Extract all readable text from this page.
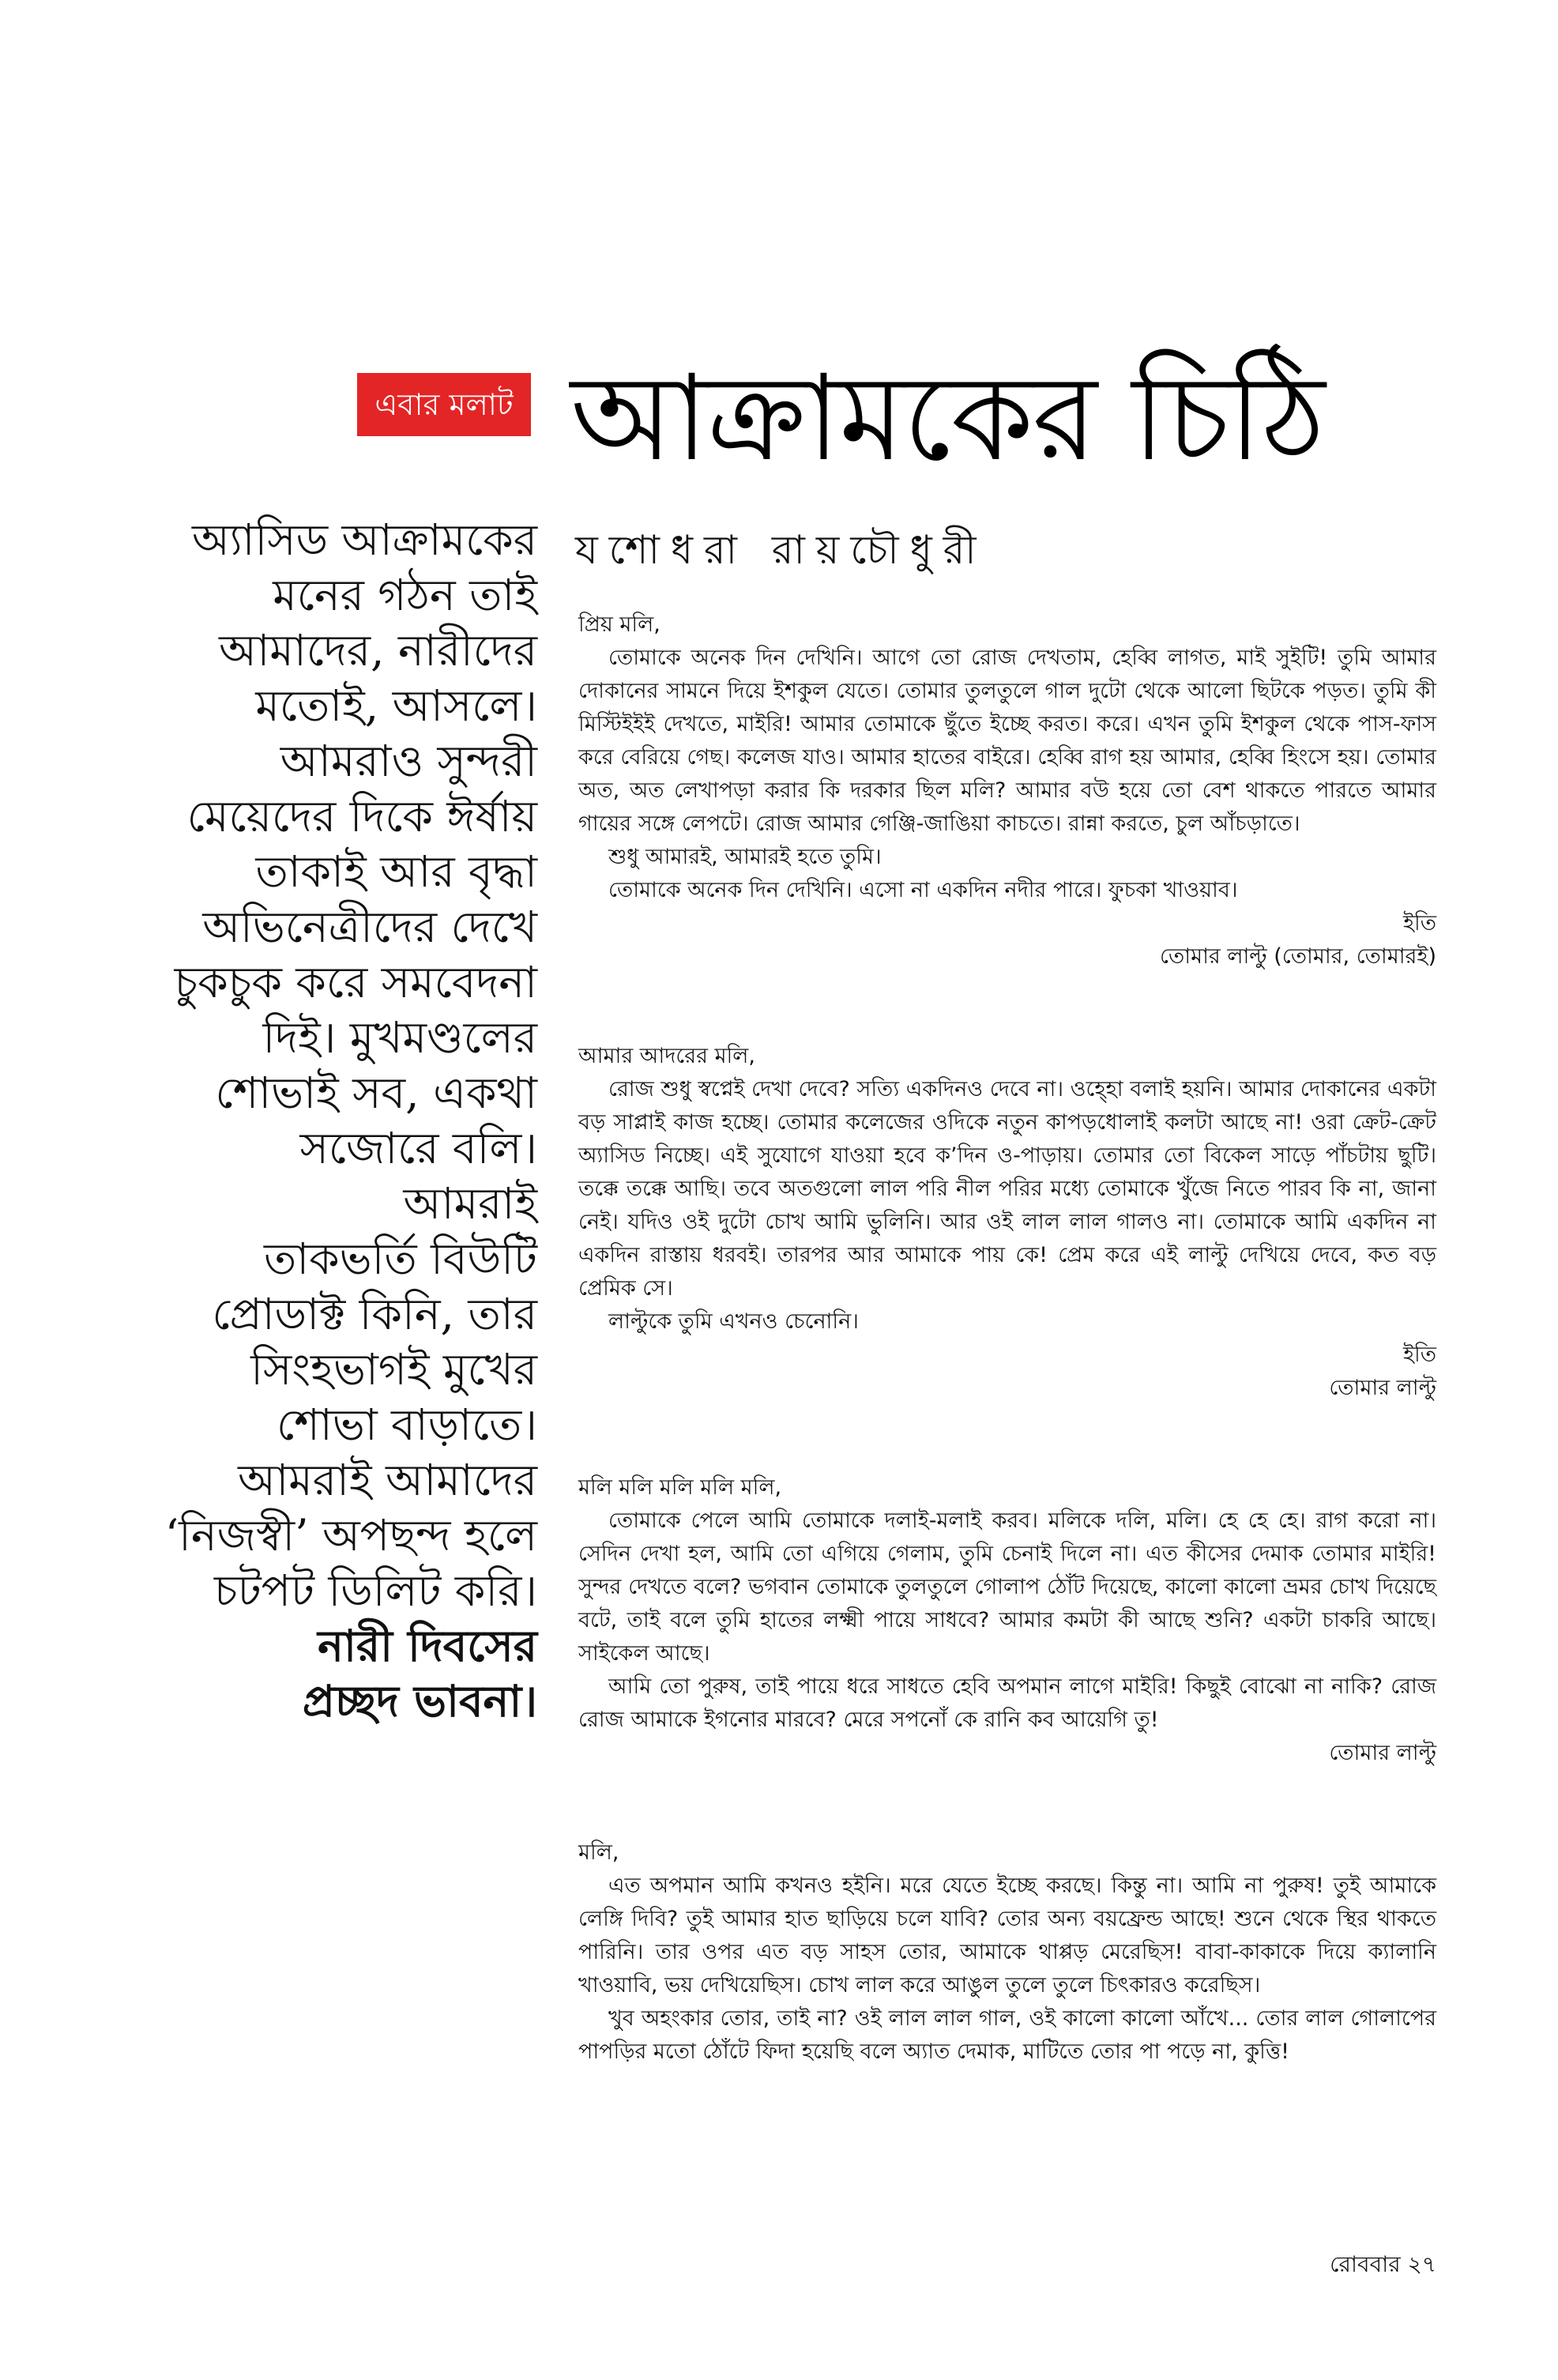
এবার মলাট আক্রামকের চিঠি
যশোধরা রায়চৌধুরী
অ্যাসিড আক্রামকের
মনের গঠন তাই
আমাদের, নারীদের
মতোই, আসলে।
আমরাও সুন্দরী
মেয়েদের দিকে ঈর্ষায়
তাকাই আর বৃদ্ধা
অভিনেত্রীদের দেখে
চুকচুক করে সমবেদনা
দিই। মুখমণ্ডলের
শোভাই সব, একথা
সজোরে বলি। আমরাই
তাকভর্তি বিউটি
প্রোডাক্ট কিনি, তার
সিংহভাগই মুখের
শোভা বাড়াতে।
আমরাই আমাদের
‘নিজস্বী’ অপছন্দ হলে
চটপট ডিলিট করি।
নারী দিবসের
প্রচ্ছদ ভাবনা।

প্রিয় মলি,

তোমাকে অনেক দিন দেখিনি। আগে তো রোজ দেখতাম, হেব্বি লাগত, মাই সুইটি! তুমি আমার দোকানের সামনে দিয়ে ইশকুল যেতে। তোমার তুলতুলে গাল দুটো থেকে আলো ছিটকে পড়ত। তুমি কী মিস্টিইইই দেখতে, মাইরি! আমার তোমাকে ছুঁতে ইচ্ছে করত। করে। এখন তুমি ইশকুল থেকে পাস-ফাস করে বেরিয়ে গেছ। কলেজ যাও। আমার হাতের বাইরে। হেব্বি রাগ হয় আমার, হেব্বি হিংসে হয়। তোমার অত, অত লেখাপড়া করার কি দরকার ছিল মলি? আমার বউ হয়ে তো বেশ থাকতে পারতে আমার গায়ের সঙ্গে লেপটে। রোজ আমার গেঞ্জি-জাঙিয়া কাচতে। রান্না করতে, চুল আঁচড়াতে।

শুধু আমারই, আমারই হতে তুমি।

তোমাকে অনেক দিন দেখিনি। এসো না একদিন নদীর পারে। ফুচকা খাওয়াব।

ইতি

তোমার লাল্টু (তোমার, তোমারই)

আমার আদরের মলি,

রোজ শুধু স্বপ্নেই দেখা দেবে? সত্যি একদিনও দেবে না। ওহ্হো বলাই হয়নি। আমার দোকানের একটা বড় সাপ্লাই কাজ হচ্ছে। তোমার কলেজের ওদিকে নতুন কাপড়ধোলাই কলটা আছে না! ওরা ক্রেট-ক্রেট অ্যাসিড নিচ্ছে। এই সুযোগে যাওয়া হবে ক’দিন ও-পাড়ায়। তোমার তো বিকেল সাড়ে পাঁচটায় ছুটি। তক্কে তক্কে আছি। তবে অতগুলো লাল পরি নীল পরির মধ্যে তোমাকে খুঁজে নিতে পারব কি না, জানা নেই। যদিও ওই দুটো চোখ আমি ভুলিনি। আর ওই লাল লাল গালও না। তোমাকে আমি একদিন না একদিন রাস্তায় ধরবই। তারপর আর আমাকে পায় কে! প্রেম করে এই লাল্টু দেখিয়ে দেবে, কত বড় প্রেমিক সে।

লাল্টুকে তুমি এখনও চেনোনি।

ইতি

তোমার লাল্টু

মলি মলি মলি মলি মলি,

তোমাকে পেলে আমি তোমাকে দলাই-মলাই করব। মলিকে দলি, মলি। হে হে হে। রাগ করো না। সেদিন দেখা হল, আমি তো এগিয়ে গেলাম, তুমি চেনাই দিলে না। এত কীসের দেমাক তোমার মাইরি! সুন্দর দেখতে বলে? ভগবান তোমাকে তুলতুলে গোলাপ ঠোঁট দিয়েছে, কালো কালো ভ্রমর চোখ দিয়েছে বটে, তাই বলে তুমি হাতের লক্ষ্মী পায়ে সাধবে? আমার কমটা কী আছে শুনি? একটা চাকরি আছে। সাইকেল আছে।

আমি তো পুরুষ, তাই পায়ে ধরে সাধতে হেবি অপমান লাগে মাইরি! কিছুই বোঝো না নাকি? রোজ রোজ আমাকে ইগনোর মারবে? মেরে সপনোঁ কে রানি কব আয়েগি তু!

তোমার লাল্টু

মলি,

এত অপমান আমি কখনও হইনি। মরে যেতে ইচ্ছে করছে। কিন্তু না। আমি না পুরুষ! তুই আমাকে লেঙ্গি দিবি? তুই আমার হাত ছাড়িয়ে চলে যাবি? তোর অন্য বয়ফ্রেন্ড আছে! শুনে থেকে স্থির থাকতে পারিনি। তার ওপর এত বড় সাহস তোর, আমাকে থাপ্পড় মেরেছিস! বাবা-কাকাকে দিয়ে ক্যালানি খাওয়াবি, ভয় দেখিয়েছিস। চোখ লাল করে আঙুল তুলে তুলে চিৎকারও করেছিস।

খুব অহংকার তোর, তাই না? ওই লাল লাল গাল, ওই কালো কালো আঁখে... তোর লাল গোলাপের পাপড়ির মতো ঠোঁটে ফিদা হয়েছি বলে অ্যাত দেমাক, মাটিতে তোর পা পড়ে না, কুত্তি!

রোববার ২৭
